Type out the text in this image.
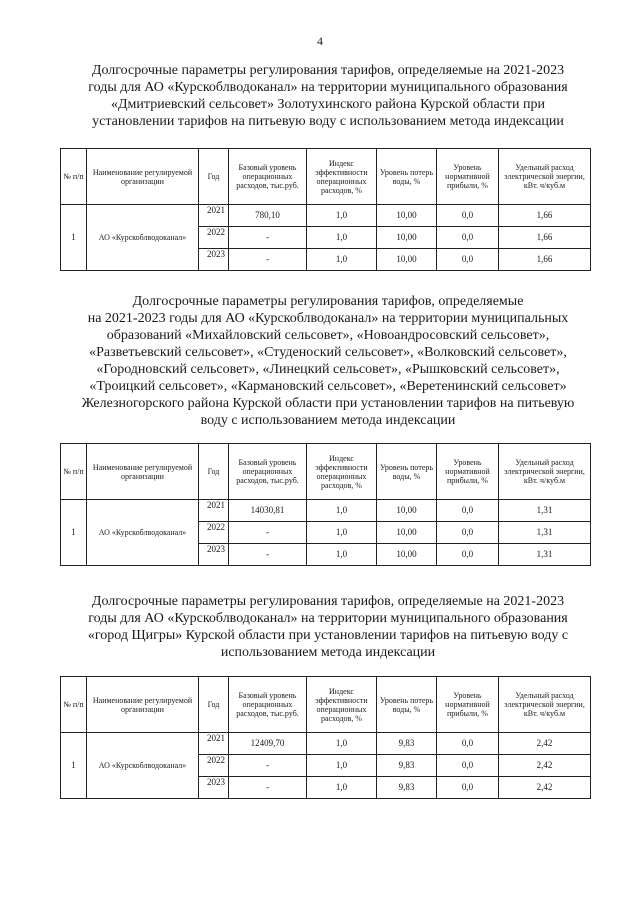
4
Долгосрочные параметры регулирования тарифов, определяемые на 2021-2023
годы для АО «Курскоблводоканал» на территории муниципального образования
«Дмитриевский сельсовет» Золотухинского района Курской области при
установлении тарифов на питьевую воду с использованием метода индексации
№ п/п	Наименование регулируемой организации	Год	Базовый уровень операционных расходов, тыс.руб.	Индекс эффективности операционных расходов, %	Уровень потерь воды, %	Уровень нормативной прибыли, %	Удельный расход электрической энергии, кВт. ч/куб.м
1	АО «Курскоблводоканал»	2021	780,10	1,0	10,00	0,0	1,66
		2022	-	1,0	10,00	0,0	1,66
		2023	-	1,0	10,00	0,0	1,66
Долгосрочные параметры регулирования тарифов, определяемые
на 2021-2023 годы для АО «Курскоблводоканал» на территории муниципальных
образований «Михайловский сельсовет», «Новоандросовский сельсовет»,
«Разветьевский сельсовет», «Студеноский сельсовет», «Волковский сельсовет»,
«Городновский сельсовет», «Линецкий сельсовет», «Рышковский сельсовет»,
«Троицкий сельсовет», «Кармановский сельсовет», «Веретенинский сельсовет»
Железногорского района Курской области при установлении тарифов на питьевую
воду с использованием метода индексации
№ п/п	Наименование регулируемой организации	Год	Базовый уровень операционных расходов, тыс.руб.	Индекс эффективности операционных расходов, %	Уровень потерь воды, %	Уровень нормативной прибыли, %	Удельный расход электрической энергии, кВт. ч/куб.м
1	АО «Курскоблводоканал»	2021	14030,81	1,0	10,00	0,0	1,31
		2022	-	1,0	10,00	0,0	1,31
		2023	-	1,0	10,00	0,0	1,31
Долгосрочные параметры регулирования тарифов, определяемые на 2021-2023
годы для АО «Курскоблводоканал» на территории муниципального образования
«город Щигры» Курской области при установлении тарифов на питьевую воду с
использованием метода индексации
№ п/п	Наименование регулируемой организации	Год	Базовый уровень операционных расходов, тыс.руб.	Индекс эффективности операционных расходов, %	Уровень потерь воды, %	Уровень нормативной прибыли, %	Удельный расход электрической энергии, кВт. ч/куб.м
1	АО «Курскоблводоканал»	2021	12409,70	1,0	9,83	0,0	2,42
		2022	-	1,0	9,83	0,0	2,42
		2023	-	1,0	9,83	0,0	2,42
